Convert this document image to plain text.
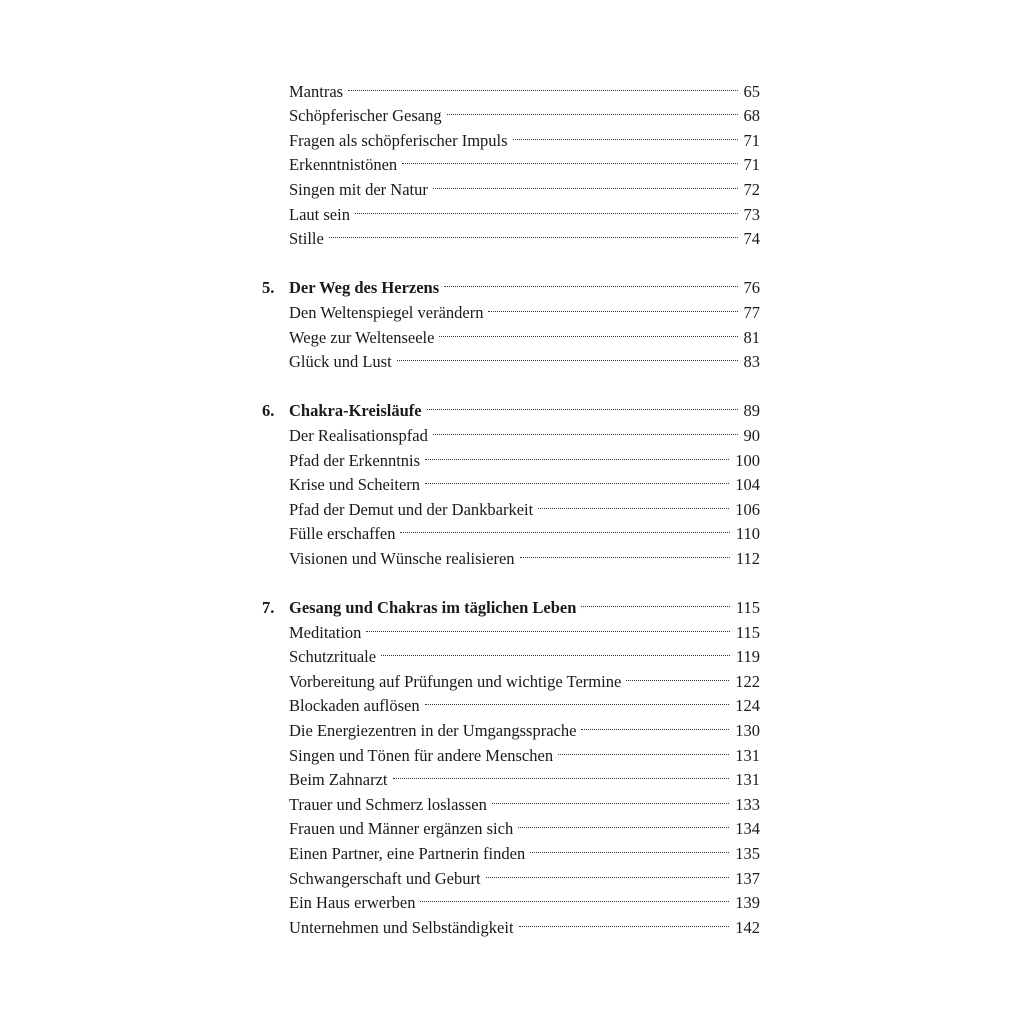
Mantras	65
Schöpferischer Gesang	68
Fragen als schöpferischer Impuls	71
Erkenntnistönen	71
Singen mit der Natur	72
Laut sein	73
Stille	74
5. Der Weg des Herzens	76
Den Weltenspiegel verändern	77
Wege zur Weltenseele	81
Glück und Lust	83
6. Chakra-Kreisläufe	89
Der Realisationspfad	90
Pfad der Erkenntnis	100
Krise und Scheitern	104
Pfad der Demut und der Dankbarkeit	106
Fülle erschaffen	110
Visionen und Wünsche realisieren	112
7. Gesang und Chakras im täglichen Leben	115
Meditation	115
Schutzrituale	119
Vorbereitung auf Prüfungen und wichtige Termine	122
Blockaden auflösen	124
Die Energiezentren in der Umgangssprache	130
Singen und Tönen für andere Menschen	131
Beim Zahnarzt	131
Trauer und Schmerz loslassen	133
Frauen und Männer ergänzen sich	134
Einen Partner, eine Partnerin finden	135
Schwangerschaft und Geburt	137
Ein Haus erwerben	139
Unternehmen und Selbständigkeit	142
